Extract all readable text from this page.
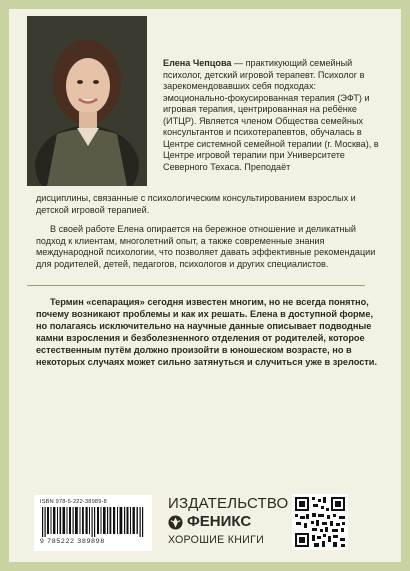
Елена Чепцова — практикующий семейный психолог, детский игровой терапевт. Психолог в зарекомендовавших себя подходах: эмоционально-фокусированная терапия (ЭФТ) и игровая терапия, центрированная на ребёнке (ИТЦР). Является членом Общества семейных консультантов и психотерапевтов, обучалась в Центре системной семейной терапии (г. Москва), в Центре игровой терапии при Университете Северного Техаса. Преподаёт

дисциплины, связанные с психологическим консультированием взрослых и детской игровой терапией.

В своей работе Елена опирается на бережное отношение и деликатный подход к клиентам, многолетний опыт, а также современные знания международной психологии, что позволяет давать эффективные рекомендации для родителей, детей, педагогов, психологов и других специалистов.

Термин «сепарация» сегодня известен многим, но не всегда понятно, почему возникают проблемы и как их решать. Елена в доступной форме, но полагаясь исключительно на научные данные описывает подводные камни взросления и безболезненного отделения от родителей, которое естественным путём должно произойти в юношеском возрасте, но в некоторых случаях может сильно затянуться и случиться уже в зрелости.

ISBN 978-5-222-38989-8
9 785222 389898
ИЗДАТЕЛЬСТВО
ФЕНИКС
ХОРОШИЕ КНИГИ
